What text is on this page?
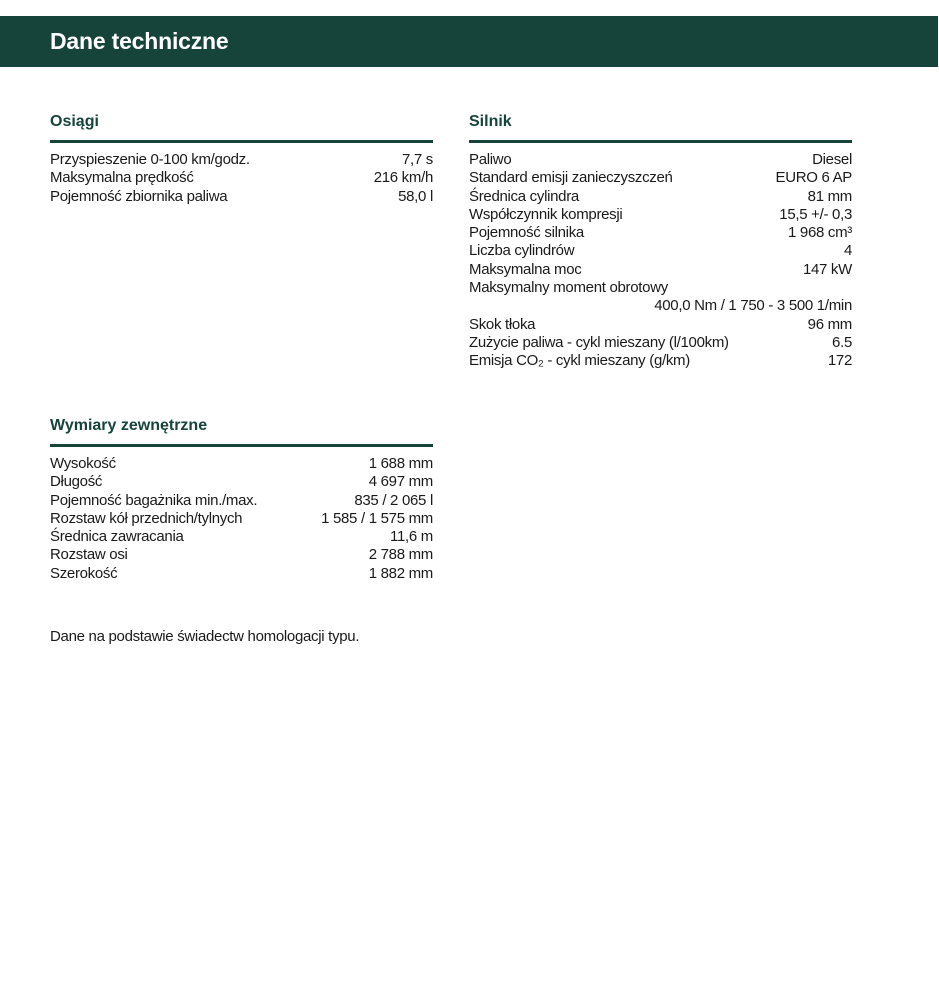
Dane techniczne
Osiągi
Przyspieszenie 0-100 km/godz.	7,7 s
Maksymalna prędkość	216 km/h
Pojemność zbiornika paliwa	58,0 l
Silnik
Paliwo	Diesel
Standard emisji zanieczyszczeń	EURO 6 AP
Średnica cylindra	81 mm
Współczynnik kompresji	15,5 +/- 0,3
Pojemność silnika	1 968 cm³
Liczba cylindrów	4
Maksymalna moc	147 kW
Maksymalny moment obrotowy
400,0 Nm / 1 750 - 3 500 1/min
Skok tłoka	96 mm
Zużycie paliwa - cykl mieszany (l/100km)	6.5
Emisja CO₂ - cykl mieszany (g/km)	172
Wymiary zewnętrzne
Wysokość	1 688 mm
Długość	4 697 mm
Pojemność bagażnika min./max.	835 / 2 065 l
Rozstaw kół przednich/tylnych	1 585 / 1 575 mm
Średnica zawracania	11,6 m
Rozstaw osi	2 788 mm
Szerokość	1 882 mm

Dane na podstawie świadectw homologacji typu.
